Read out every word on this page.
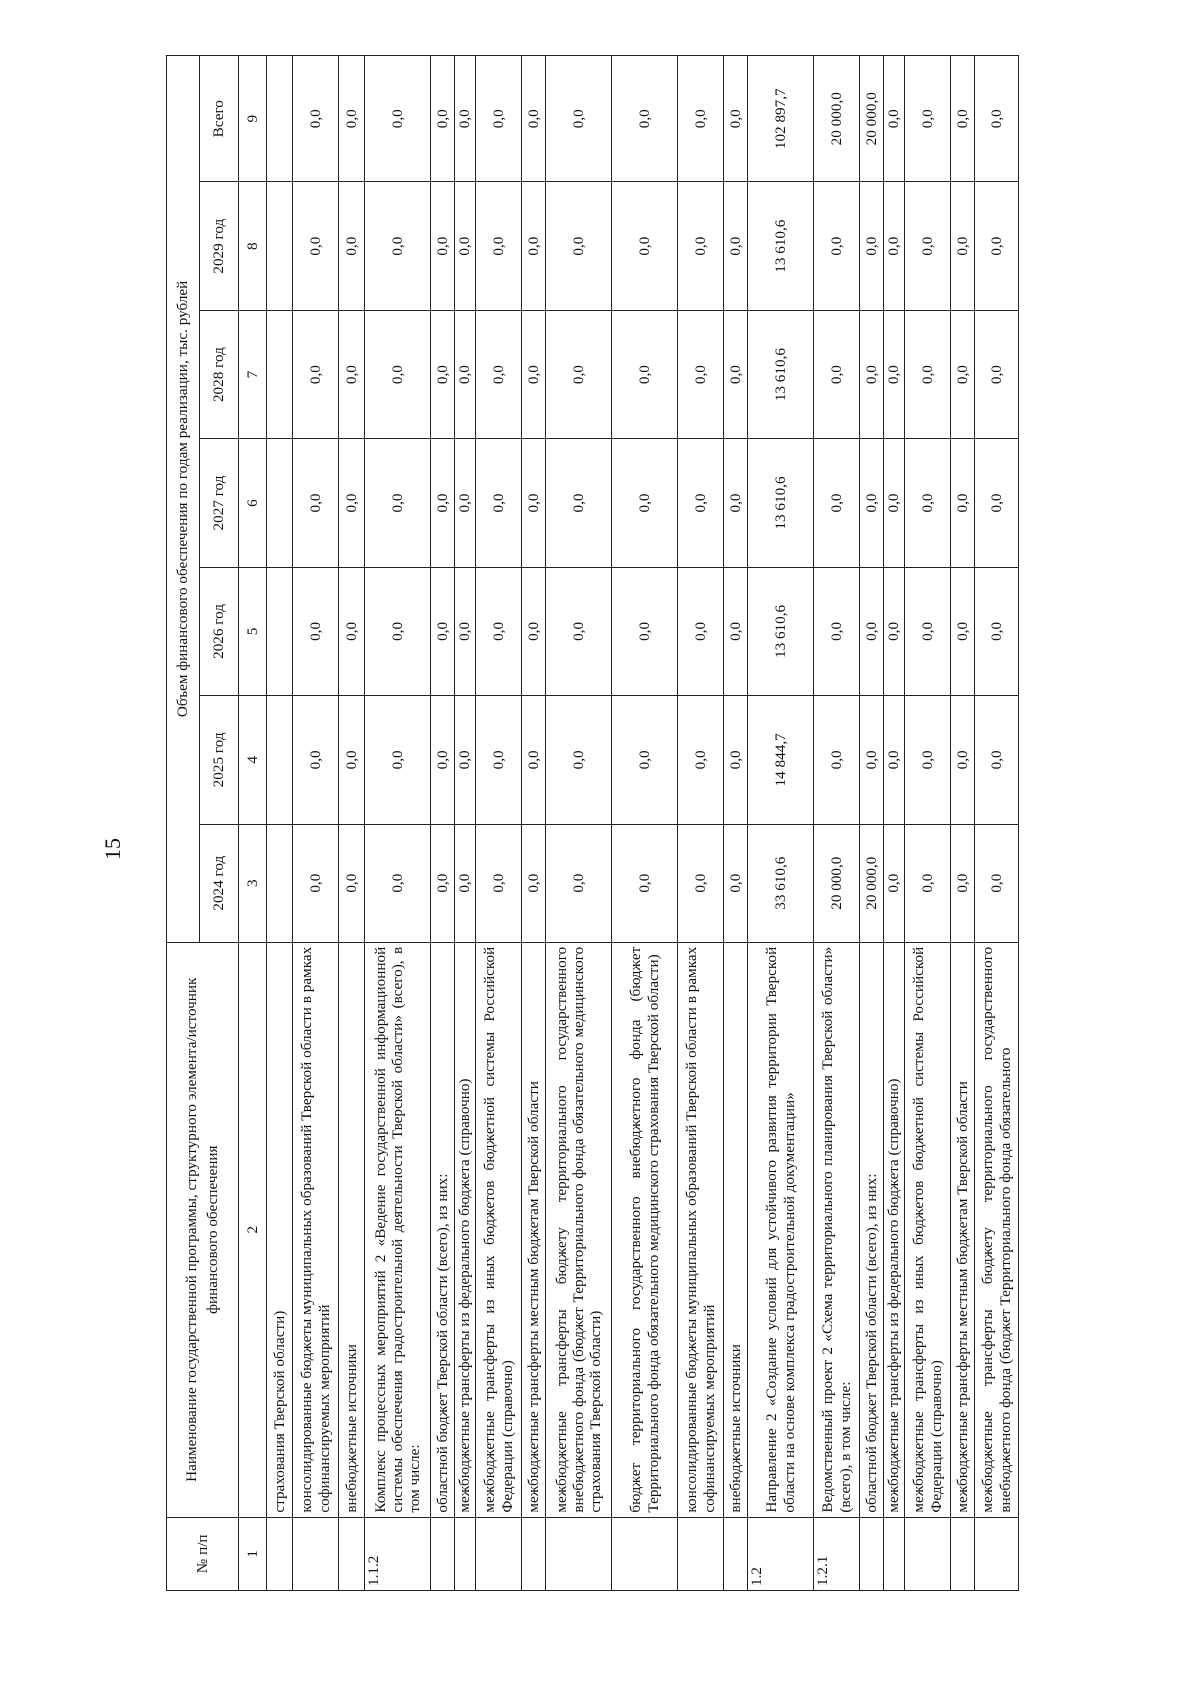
15
№ п/п	Наименование государственной программы, структурного элемента/источник финансового обеспечения	Объем финансового обеспечения по годам реализации, тыс. рублей						
		2024 год	2025 год	2026 год	2027 год	2028 год	2029 год	Всего
1	2	3	4	5	6	7	8	9
	страхования Тверской области)							
	консолидированные бюджеты муниципальных образований Тверской области в рамках софинансируемых мероприятий	0,0	0,0	0,0	0,0	0,0	0,0	0,0
	внебюджетные источники	0,0	0,0	0,0	0,0	0,0	0,0	0,0
1.1.2	Комплекс процессных мероприятий 2 «Ведение государственной информационной системы обеспечения градостроительной деятельности Тверской области» (всего), в том числе:	0,0	0,0	0,0	0,0	0,0	0,0	0,0
	областной бюджет Тверской области (всего), из них:	0,0	0,0	0,0	0,0	0,0	0,0	0,0
	межбюджетные трансферты из федерального бюджета (справочно)	0,0	0,0	0,0	0,0	0,0	0,0	0,0
	межбюджетные трансферты из иных бюджетов бюджетной системы Российской Федерации (справочно)	0,0	0,0	0,0	0,0	0,0	0,0	0,0
	межбюджетные трансферты местным бюджетам Тверской области	0,0	0,0	0,0	0,0	0,0	0,0	0,0
	межбюджетные трансферты бюджету территориального государственного внебюджетного фонда (бюджет Территориального фонда обязательного медицинского страхования Тверской области)	0,0	0,0	0,0	0,0	0,0	0,0	0,0
	бюджет территориального государственного внебюджетного фонда (бюджет Территориального фонда обязательного медицинского страхования Тверской области)	0,0	0,0	0,0	0,0	0,0	0,0	0,0
	консолидированные бюджеты муниципальных образований Тверской области в рамках софинансируемых мероприятий	0,0	0,0	0,0	0,0	0,0	0,0	0,0
	внебюджетные источники	0,0	0,0	0,0	0,0	0,0	0,0	0,0
1.2	Направление 2 «Создание условий для устойчивого развития территории Тверской области на основе комплекса градостроительной документации»	33 610,6	14 844,7	13 610,6	13 610,6	13 610,6	13 610,6	102 897,7
1.2.1	Ведомственный проект 2 «Схема территориального планирования Тверской области» (всего), в том числе:	20 000,0	0,0	0,0	0,0	0,0	0,0	20 000,0
	областной бюджет Тверской области (всего), из них:	20 000,0	0,0	0,0	0,0	0,0	0,0	20 000,0
	межбюджетные трансферты из федерального бюджета (справочно)	0,0	0,0	0,0	0,0	0,0	0,0	0,0
	межбюджетные трансферты из иных бюджетов бюджетной системы Российской Федерации (справочно)	0,0	0,0	0,0	0,0	0,0	0,0	0,0
	межбюджетные трансферты местным бюджетам Тверской области	0,0	0,0	0,0	0,0	0,0	0,0	0,0
	межбюджетные трансферты бюджету территориального государственного внебюджетного фонда (бюджет Территориального фонда обязательного	0,0	0,0	0,0	0,0	0,0	0,0	0,0
